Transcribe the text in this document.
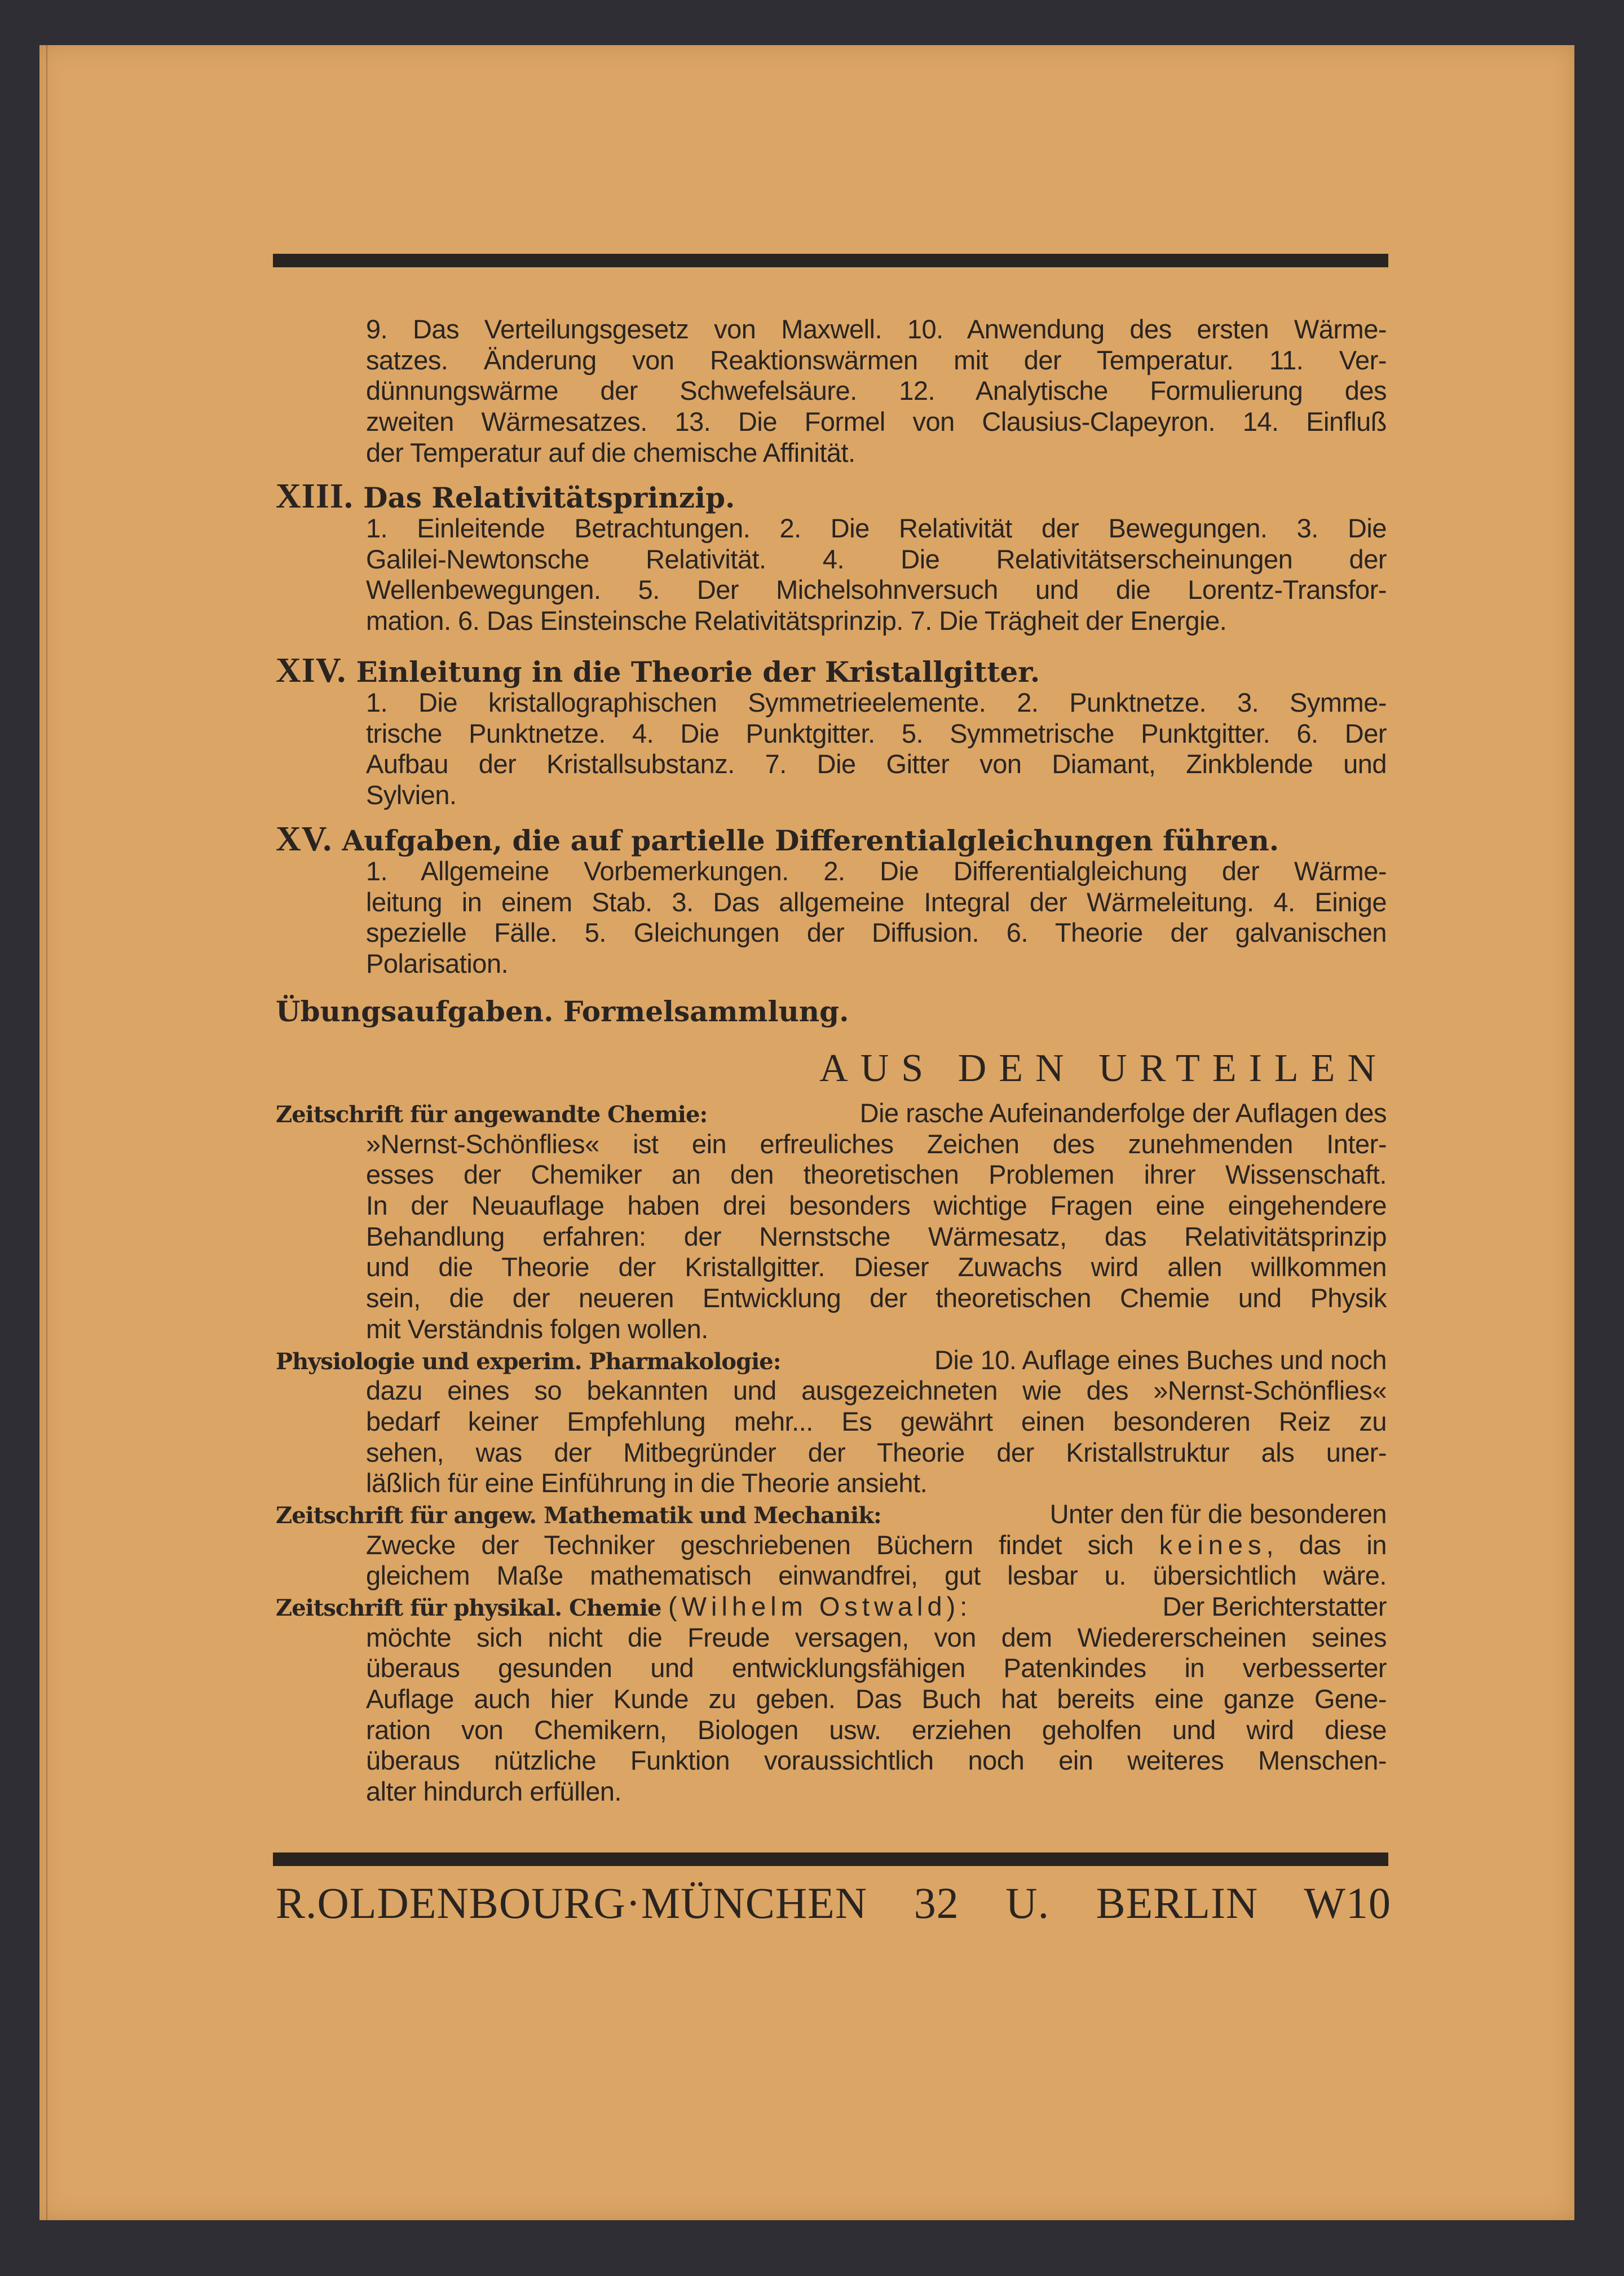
9. Das Verteilungsgesetz von Maxwell. 10. Anwendung des ersten Wärme-
satzes. Änderung von Reaktionswärmen mit der Temperatur. 11. Ver-
dünnungswärme der Schwefelsäure. 12. Analytische Formulierung des
zweiten Wärmesatzes. 13. Die Formel von Clausius-Clapeyron. 14. Einfluß
der Temperatur auf die chemische Affinität.
XIII. Das Relativitätsprinzip.
1. Einleitende Betrachtungen. 2. Die Relativität der Bewegungen. 3. Die
Galilei-Newtonsche Relativität. 4. Die Relativitätserscheinungen der
Wellenbewegungen. 5. Der Michelsohnversuch und die Lorentz-Transfor-
mation. 6. Das Einsteinsche Relativitätsprinzip. 7. Die Trägheit der Energie.
XIV. Einleitung in die Theorie der Kristallgitter.
1. Die kristallographischen Symmetrieelemente. 2. Punktnetze. 3. Symme-
trische Punktnetze. 4. Die Punktgitter. 5. Symmetrische Punktgitter. 6. Der
Aufbau der Kristallsubstanz. 7. Die Gitter von Diamant, Zinkblende und
Sylvien.
XV. Aufgaben, die auf partielle Differentialgleichungen führen.
1. Allgemeine Vorbemerkungen. 2. Die Differentialgleichung der Wärme-
leitung in einem Stab. 3. Das allgemeine Integral der Wärmeleitung. 4. Einige
spezielle Fälle. 5. Gleichungen der Diffusion. 6. Theorie der galvanischen
Polarisation.
Übungsaufgaben. Formelsammlung.
AUS DEN URTEILEN
Zeitschrift für angewandte Chemie:	Die rasche Aufeinanderfolge der Auflagen des
»Nernst-Schönflies« ist ein erfreuliches Zeichen des zunehmenden Inter-
esses der Chemiker an den theoretischen Problemen ihrer Wissenschaft.
In der Neuauflage haben drei besonders wichtige Fragen eine eingehendere
Behandlung erfahren: der Nernstsche Wärmesatz, das Relativitätsprinzip
und die Theorie der Kristallgitter. Dieser Zuwachs wird allen willkommen
sein, die der neueren Entwicklung der theoretischen Chemie und Physik
mit Verständnis folgen wollen.
Physiologie und experim. Pharmakologie:	Die 10. Auflage eines Buches und noch
dazu eines so bekannten und ausgezeichneten wie des »Nernst-Schönflies«
bedarf keiner Empfehlung mehr... Es gewährt einen besonderen Reiz zu
sehen, was der Mitbegründer der Theorie der Kristallstruktur als uner-
läßlich für eine Einführung in die Theorie ansieht.
Zeitschrift für angew. Mathematik und Mechanik:	Unter den für die besonderen
Zwecke der Techniker geschriebenen Büchern findet sich keines, das in
gleichem Maße mathematisch einwandfrei, gut lesbar u. übersichtlich wäre.
Zeitschrift für physikal. Chemie (Wilhelm Ostwald):	Der Berichterstatter
möchte sich nicht die Freude versagen, von dem Wiedererscheinen seines
überaus gesunden und entwicklungsfähigen Patenkindes in verbesserter
Auflage auch hier Kunde zu geben. Das Buch hat bereits eine ganze Gene-
ration von Chemikern, Biologen usw. erziehen geholfen und wird diese
überaus nützliche Funktion voraussichtlich noch ein weiteres Menschen-
alter hindurch erfüllen.
R.OLDENBOURG·MÜNCHEN 32 U. BERLIN W10
